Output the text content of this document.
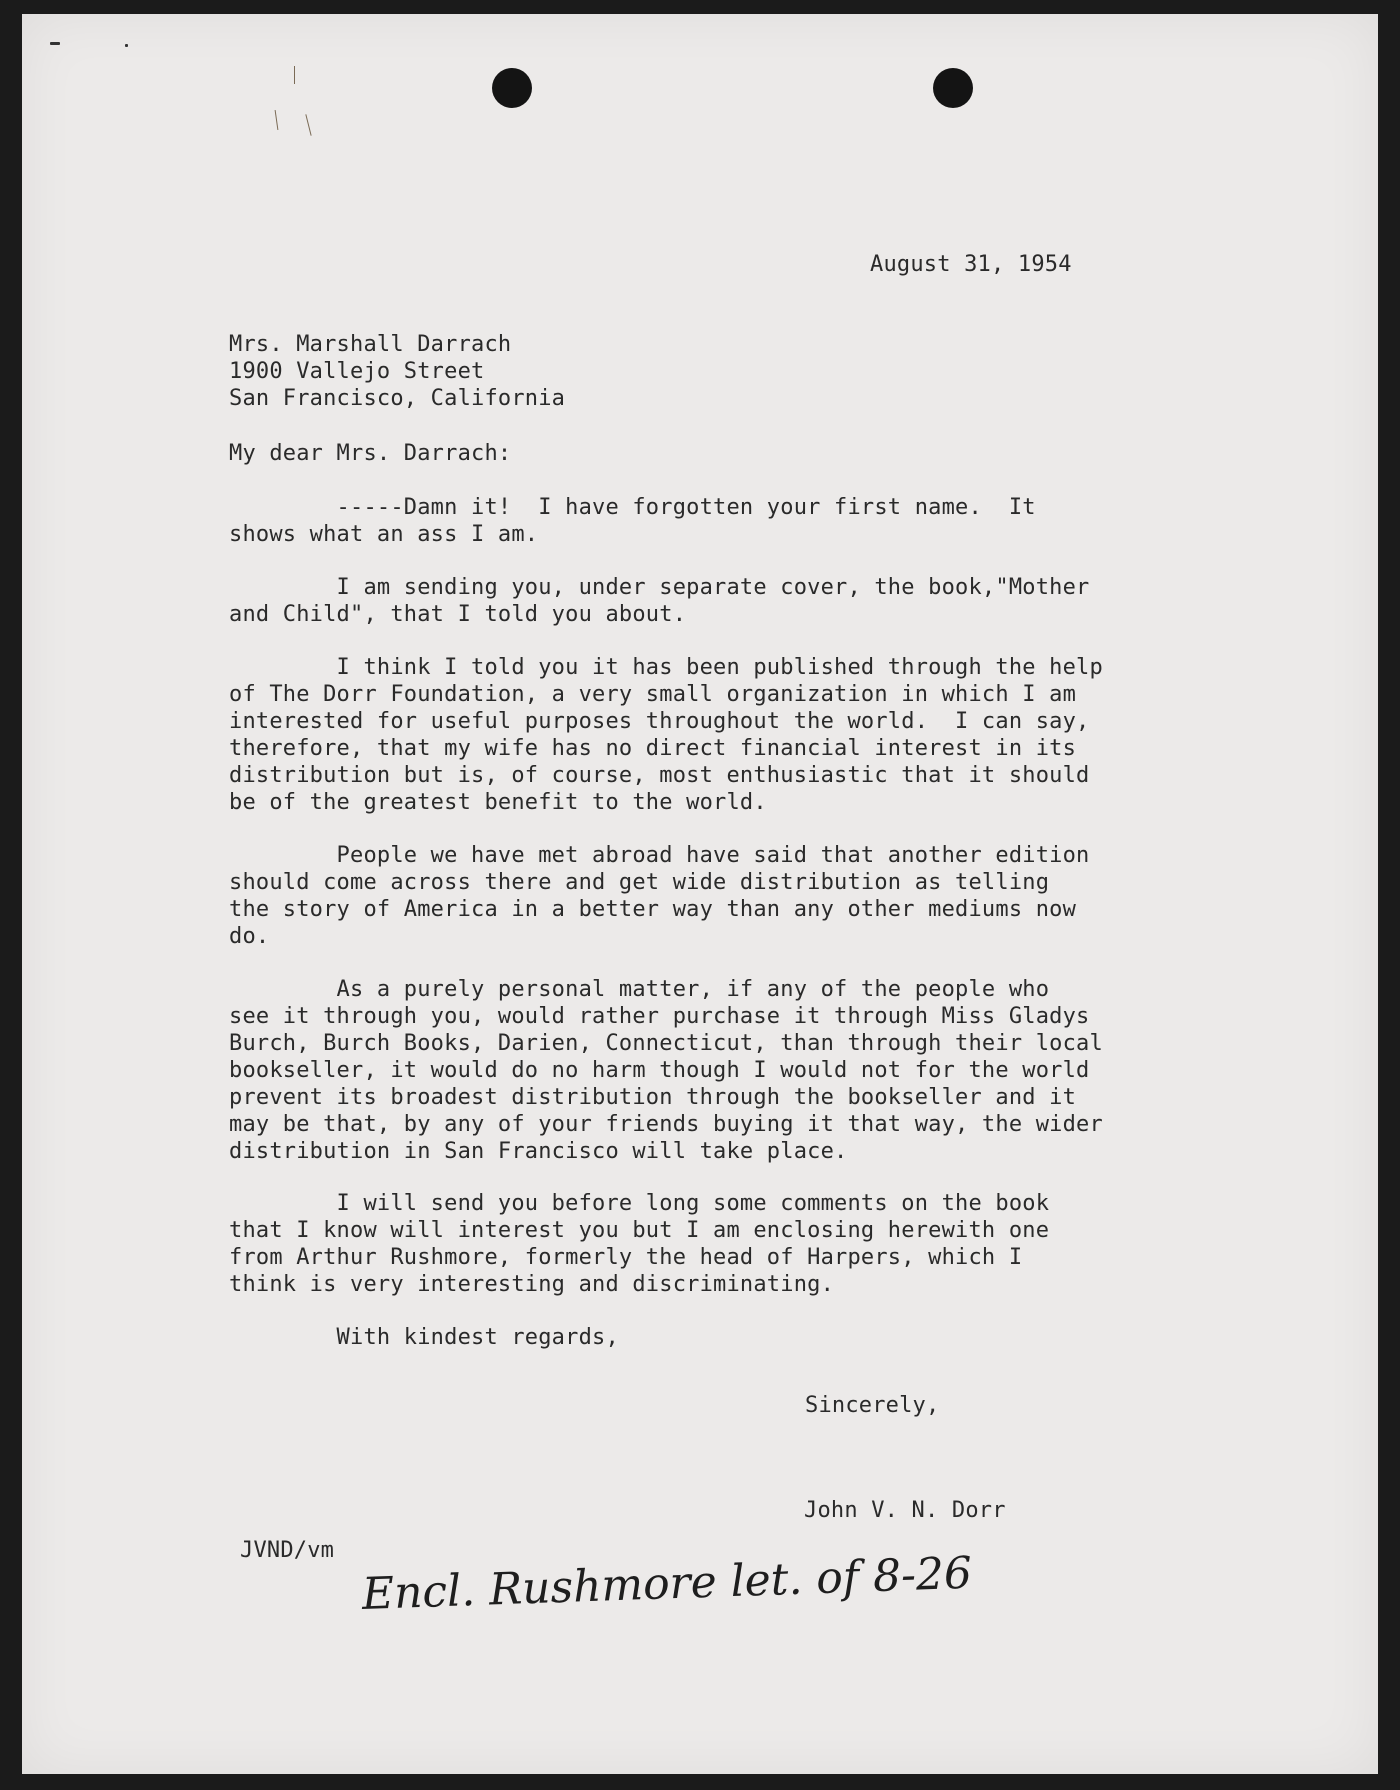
August 31, 1954
Mrs. Marshall Darrach
1900 Vallejo Street
San Francisco, California
My dear Mrs. Darrach:
-----Damn it!  I have forgotten your first name.  It
shows what an ass I am.
I am sending you, under separate cover, the book,"Mother
and Child", that I told you about.
I think I told you it has been published through the help
of The Dorr Foundation, a very small organization in which I am
interested for useful purposes throughout the world.  I can say,
therefore, that my wife has no direct financial interest in its
distribution but is, of course, most enthusiastic that it should
be of the greatest benefit to the world.
People we have met abroad have said that another edition
should come across there and get wide distribution as telling
the story of America in a better way than any other mediums now
do.
As a purely personal matter, if any of the people who
see it through you, would rather purchase it through Miss Gladys
Burch, Burch Books, Darien, Connecticut, than through their local
bookseller, it would do no harm though I would not for the world
prevent its broadest distribution through the bookseller and it
may be that, by any of your friends buying it that way, the wider
distribution in San Francisco will take place.
I will send you before long some comments on the book
that I know will interest you but I am enclosing herewith one
from Arthur Rushmore, formerly the head of Harpers, which I
think is very interesting and discriminating.
With kindest regards,
Sincerely,
John V. N. Dorr
JVND/vm Encl. Rushmore let. of 8-26
